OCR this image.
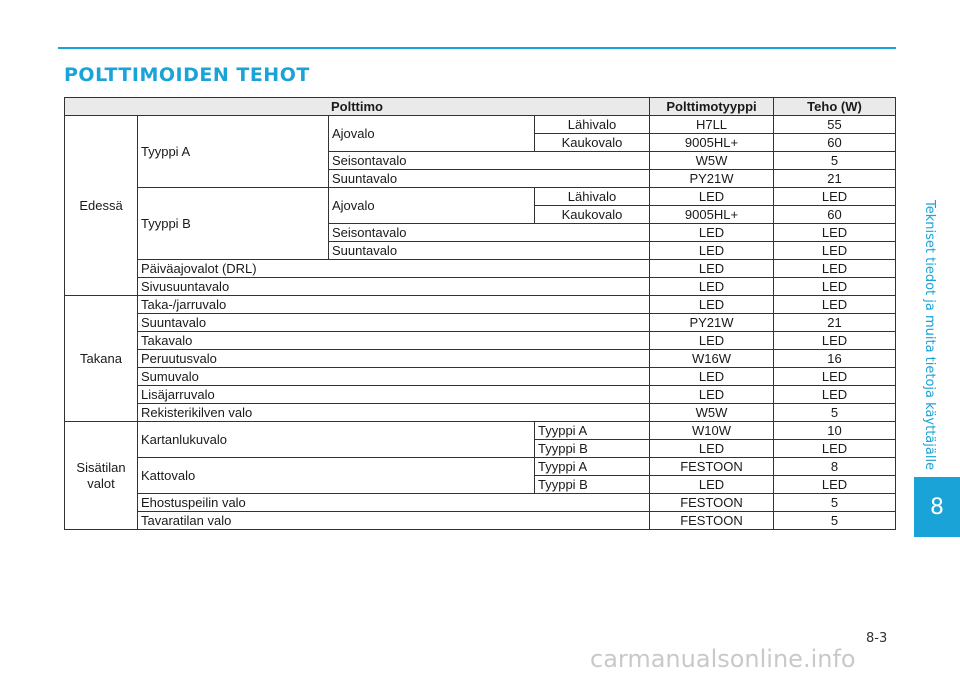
POLTTIMOIDEN TEHOT
Tekniset tiedot ja muita tietoja käyttäjälle
8
Polttimo				Polttimotyyppi	Teho (W)
Edessä	Tyyppi A	Ajovalo	Lähivalo	H7LL	55
			Kaukovalo	9005HL+	60
		Seisontavalo		W5W	5
		Suuntavalo		PY21W	21
	Tyyppi B	Ajovalo	Lähivalo	LED	LED
			Kaukovalo	9005HL+	60
		Seisontavalo		LED	LED
		Suuntavalo		LED	LED
	Päiväajovalot (DRL)			LED	LED
	Sivusuuntavalo			LED	LED
Takana	Taka-/jarruvalo			LED	LED
	Suuntavalo			PY21W	21
	Takavalo			LED	LED
	Peruutusvalo			W16W	16
	Sumuvalo			LED	LED
	Lisäjarruvalo			LED	LED
	Rekisterikilven valo			W5W	5
Sisätilan valot	Kartanlukuvalo		Tyyppi A	W10W	10
			Tyyppi B	LED	LED
	Kattovalo		Tyyppi A	FESTOON	8
			Tyyppi B	LED	LED
	Ehostuspeilin valo			FESTOON	5
	Tavaratilan valo			FESTOON	5
8-3
carmanualsonline.info
